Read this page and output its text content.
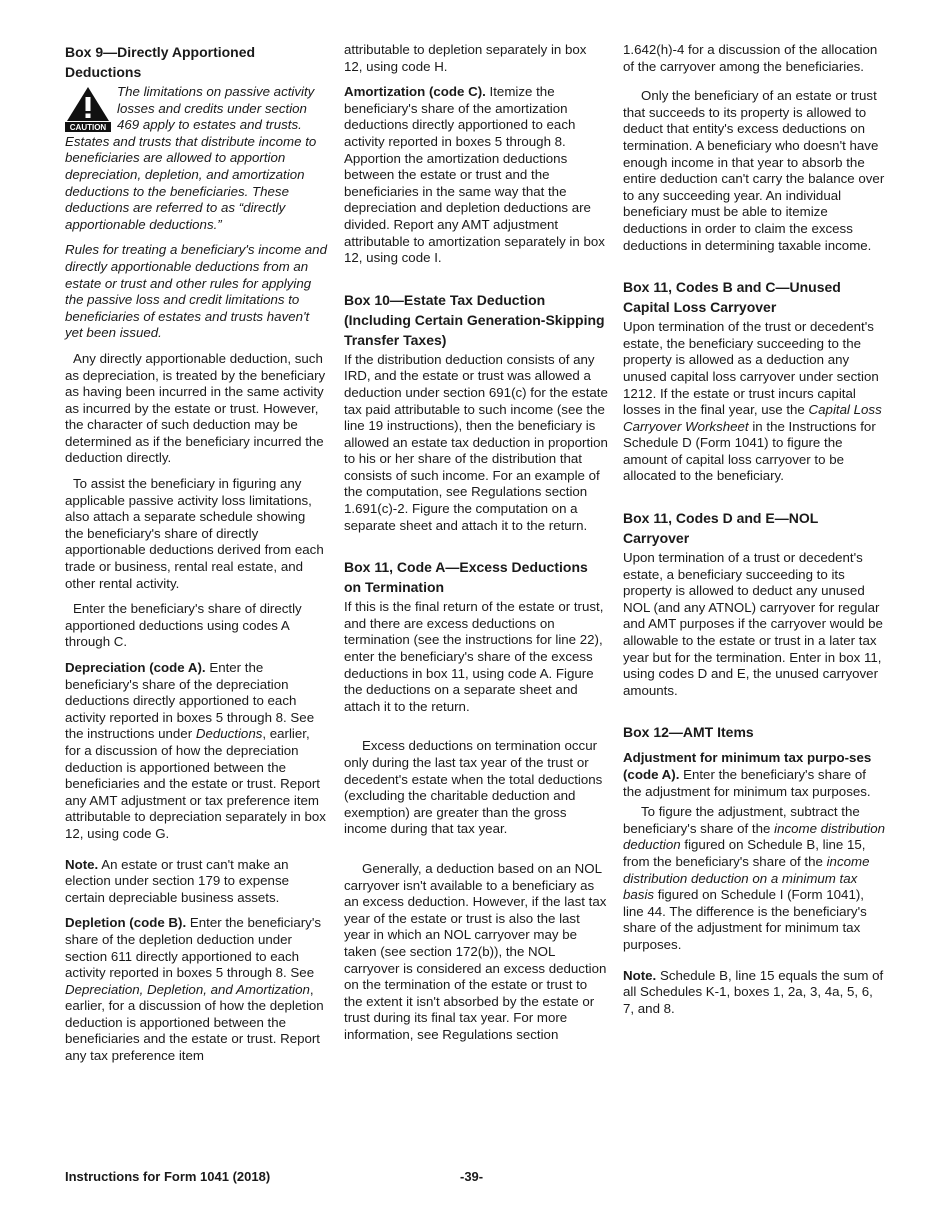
Box 9—Directly Apportioned Deductions
CAUTION
The limitations on passive activity losses and credits under section 469 apply to estates and trusts. Estates and trusts that distribute income to beneficiaries are allowed to apportion depreciation, depletion, and amortization deductions to the beneficiaries. These deductions are referred to as “directly apportionable deductions.”
Rules for treating a beneficiary's income and directly apportionable deductions from an estate or trust and other rules for applying the passive loss and credit limitations to beneficiaries of estates and trusts haven't yet been issued.
Any directly apportionable deduction, such as depreciation, is treated by the beneficiary as having been incurred in the same activity as incurred by the estate or trust. However, the character of such deduction may be determined as if the beneficiary incurred the deduction directly.
To assist the beneficiary in figuring any applicable passive activity loss limitations, also attach a separate schedule showing the beneficiary's share of directly apportionable deductions derived from each trade or business, rental real estate, and other rental activity.
Enter the beneficiary's share of directly apportioned deductions using codes A through C.
Depreciation (code A). Enter the beneficiary's share of the depreciation deductions directly apportioned to each activity reported in boxes 5 through 8. See the instructions under Deductions, earlier, for a discussion of how the depreciation deduction is apportioned between the beneficiaries and the estate or trust. Report any AMT adjustment or tax preference item attributable to depreciation separately in box 12, using code G.
Note. An estate or trust can't make an election under section 179 to expense certain depreciable business assets.
Depletion (code B). Enter the beneficiary's share of the depletion deduction under section 611 directly apportioned to each activity reported in boxes 5 through 8. See Depreciation, Depletion, and Amortization, earlier, for a discussion of how the depletion deduction is apportioned between the beneficiaries and the estate or trust. Report any tax preference item
attributable to depletion separately in box 12, using code H.
Amortization (code C). Itemize the beneficiary's share of the amortization deductions directly apportioned to each activity reported in boxes 5 through 8. Apportion the amortization deductions between the estate or trust and the beneficiaries in the same way that the depreciation and depletion deductions are divided. Report any AMT adjustment attributable to amortization separately in box 12, using code I.
Box 10—Estate Tax Deduction (Including Certain Generation-Skipping Transfer Taxes)
If the distribution deduction consists of any IRD, and the estate or trust was allowed a deduction under section 691(c) for the estate tax paid attributable to such income (see the line 19 instructions), then the beneficiary is allowed an estate tax deduction in proportion to his or her share of the distribution that consists of such income. For an example of the computation, see Regulations section 1.691(c)-2. Figure the computation on a separate sheet and attach it to the return.
Box 11, Code A—Excess Deductions on Termination
If this is the final return of the estate or trust, and there are excess deductions on termination (see the instructions for line 22), enter the beneficiary's share of the excess deductions in box 11, using code A. Figure the deductions on a separate sheet and attach it to the return.
Excess deductions on termination occur only during the last tax year of the trust or decedent's estate when the total deductions (excluding the charitable deduction and exemption) are greater than the gross income during that tax year.
Generally, a deduction based on an NOL carryover isn't available to a beneficiary as an excess deduction. However, if the last tax year of the estate or trust is also the last year in which an NOL carryover may be taken (see section 172(b)), the NOL carryover is considered an excess deduction on the termination of the estate or trust to the extent it isn't absorbed by the estate or trust during its final tax year. For more information, see Regulations section
1.642(h)-4 for a discussion of the allocation of the carryover among the beneficiaries.
Only the beneficiary of an estate or trust that succeeds to its property is allowed to deduct that entity's excess deductions on termination. A beneficiary who doesn't have enough income in that year to absorb the entire deduction can't carry the balance over to any succeeding year. An individual beneficiary must be able to itemize deductions in order to claim the excess deductions in determining taxable income.
Box 11, Codes B and C—Unused Capital Loss Carryover
Upon termination of the trust or decedent's estate, the beneficiary succeeding to the property is allowed as a deduction any unused capital loss carryover under section 1212. If the estate or trust incurs capital losses in the final year, use the Capital Loss Carryover Worksheet in the Instructions for Schedule D (Form 1041) to figure the amount of capital loss carryover to be allocated to the beneficiary.
Box 11, Codes D and E—NOL Carryover
Upon termination of a trust or decedent's estate, a beneficiary succeeding to its property is allowed to deduct any unused NOL (and any ATNOL) carryover for regular and AMT purposes if the carryover would be allowable to the estate or trust in a later tax year but for the termination. Enter in box 11, using codes D and E, the unused carryover amounts.
Box 12—AMT Items
Adjustment for minimum tax purpo-ses (code A). Enter the beneficiary's share of the adjustment for minimum tax purposes.
To figure the adjustment, subtract the beneficiary's share of the income distribution deduction figured on Schedule B, line 15, from the beneficiary's share of the income distribution deduction on a minimum tax basis figured on Schedule I (Form 1041), line 44. The difference is the beneficiary's share of the adjustment for minimum tax purposes.
Note. Schedule B, line 15 equals the sum of all Schedules K-1, boxes 1, 2a, 3, 4a, 5, 6, 7, and 8.
Instructions for Form 1041 (2018)	-39-
